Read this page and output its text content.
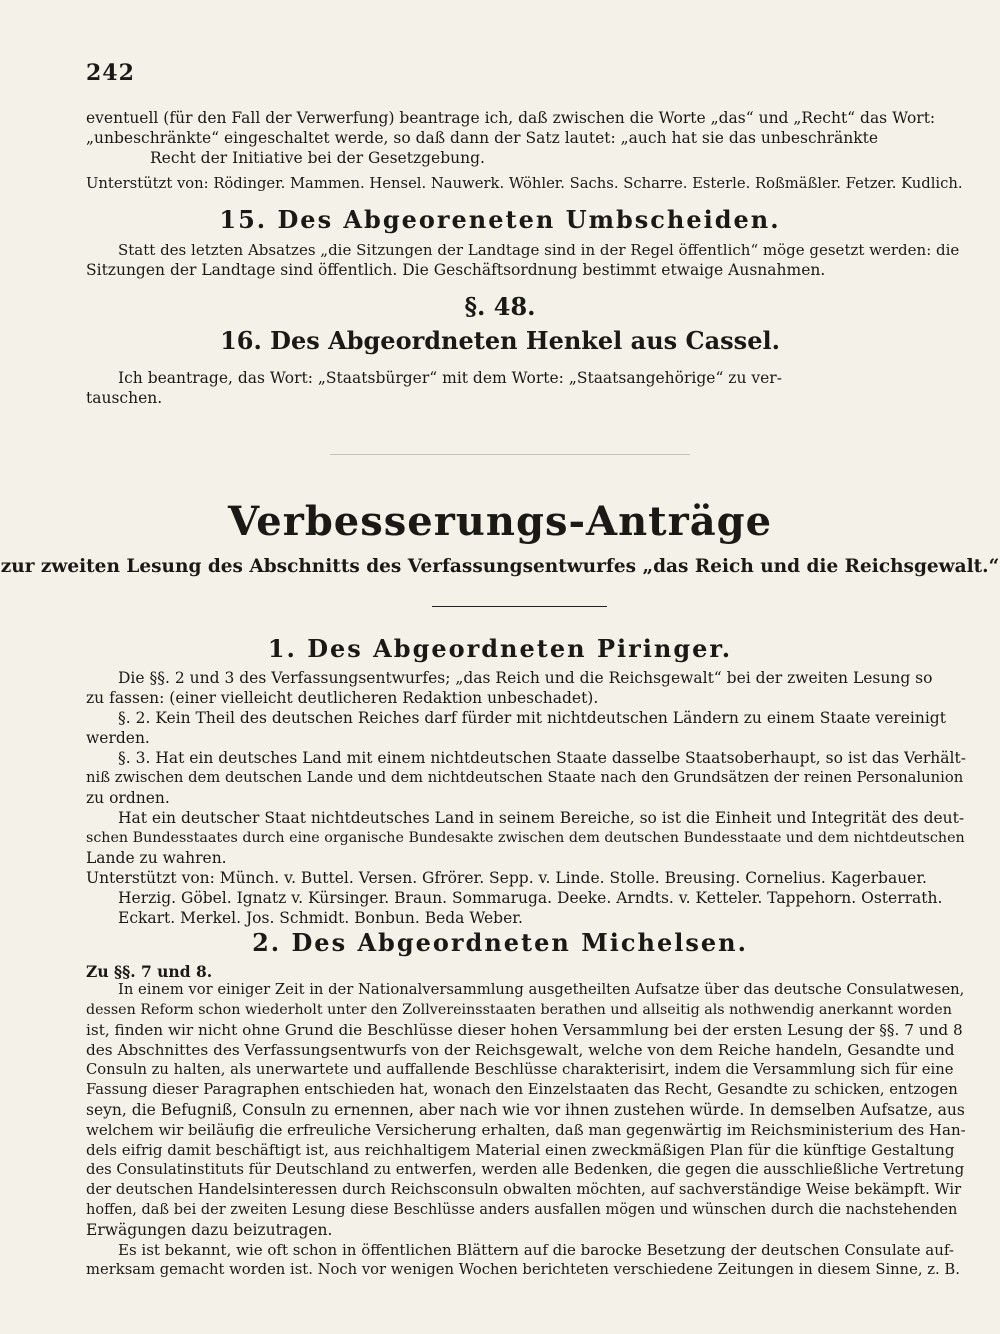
242
eventuell (für den Fall der Verwerfung) beantrage ich, daß zwischen die Worte „das“ und „Recht“ das Wort:
„unbeschränkte“ eingeschaltet werde, so daß dann der Satz lautet: „auch hat sie das unbeschränkte
Recht der Initiative bei der Gesetzgebung.
Unterstützt von: Rödinger. Mammen. Hensel. Nauwerk. Wöhler. Sachs. Scharre. Esterle. Roßmäßler. Fetzer. Kudlich.
15. Des Abgeoreneten Umbscheiden.
Statt des letzten Absatzes „die Sitzungen der Landtage sind in der Regel öffentlich“ möge gesetzt werden: die
Sitzungen der Landtage sind öffentlich. Die Geschäftsordnung bestimmt etwaige Ausnahmen.
§. 48.
16. Des Abgeordneten Henkel aus Cassel.
Ich beantrage, das Wort: „Staatsbürger“ mit dem Worte: „Staatsangehörige“ zu ver-
tauschen.
Verbesserungs-Anträge
zur zweiten Lesung des Abschnitts des Verfassungsentwurfes „das Reich und die Reichsgewalt.“
1. Des Abgeordneten Piringer.
Die §§. 2 und 3 des Verfassungsentwurfes; „das Reich und die Reichsgewalt“ bei der zweiten Lesung so
zu fassen: (einer vielleicht deutlicheren Redaktion unbeschadet).
§. 2. Kein Theil des deutschen Reiches darf fürder mit nichtdeutschen Ländern zu einem Staate vereinigt
werden.
§. 3. Hat ein deutsches Land mit einem nichtdeutschen Staate dasselbe Staatsoberhaupt, so ist das Verhält-
niß zwischen dem deutschen Lande und dem nichtdeutschen Staate nach den Grundsätzen der reinen Personalunion
zu ordnen.
Hat ein deutscher Staat nichtdeutsches Land in seinem Bereiche, so ist die Einheit und Integrität des deut-
schen Bundesstaates durch eine organische Bundesakte zwischen dem deutschen Bundesstaate und dem nichtdeutschen
Lande zu wahren.
Unterstützt von: Münch. v. Buttel. Versen. Gfrörer. Sepp. v. Linde. Stolle. Breusing. Cornelius. Kagerbauer.
Herzig. Göbel. Ignatz v. Kürsinger. Braun. Sommaruga. Deeke. Arndts. v. Ketteler. Tappehorn. Osterrath.
Eckart. Merkel. Jos. Schmidt. Bonbun. Beda Weber.
2. Des Abgeordneten Michelsen.
Zu §§. 7 und 8.
In einem vor einiger Zeit in der Nationalversammlung ausgetheilten Aufsatze über das deutsche Consulatwesen,
dessen Reform schon wiederholt unter den Zollvereinsstaaten berathen und allseitig als nothwendig anerkannt worden
ist, finden wir nicht ohne Grund die Beschlüsse dieser hohen Versammlung bei der ersten Lesung der §§. 7 und 8
des Abschnittes des Verfassungsentwurfs von der Reichsgewalt, welche von dem Reiche handeln, Gesandte und
Consuln zu halten, als unerwartete und auffallende Beschlüsse charakterisirt, indem die Versammlung sich für eine
Fassung dieser Paragraphen entschieden hat, wonach den Einzelstaaten das Recht, Gesandte zu schicken, entzogen
seyn, die Befugniß, Consuln zu ernennen, aber nach wie vor ihnen zustehen würde. In demselben Aufsatze, aus
welchem wir beiläufig die erfreuliche Versicherung erhalten, daß man gegenwärtig im Reichsministerium des Han-
dels eifrig damit beschäftigt ist, aus reichhaltigem Material einen zweckmäßigen Plan für die künftige Gestaltung
des Consulatinstituts für Deutschland zu entwerfen, werden alle Bedenken, die gegen die ausschließliche Vertretung
der deutschen Handelsinteressen durch Reichsconsuln obwalten möchten, auf sachverständige Weise bekämpft. Wir
hoffen, daß bei der zweiten Lesung diese Beschlüsse anders ausfallen mögen und wünschen durch die nachstehenden
Erwägungen dazu beizutragen.
Es ist bekannt, wie oft schon in öffentlichen Blättern auf die barocke Besetzung der deutschen Consulate auf-
merksam gemacht worden ist. Noch vor wenigen Wochen berichteten verschiedene Zeitungen in diesem Sinne, z. B.
